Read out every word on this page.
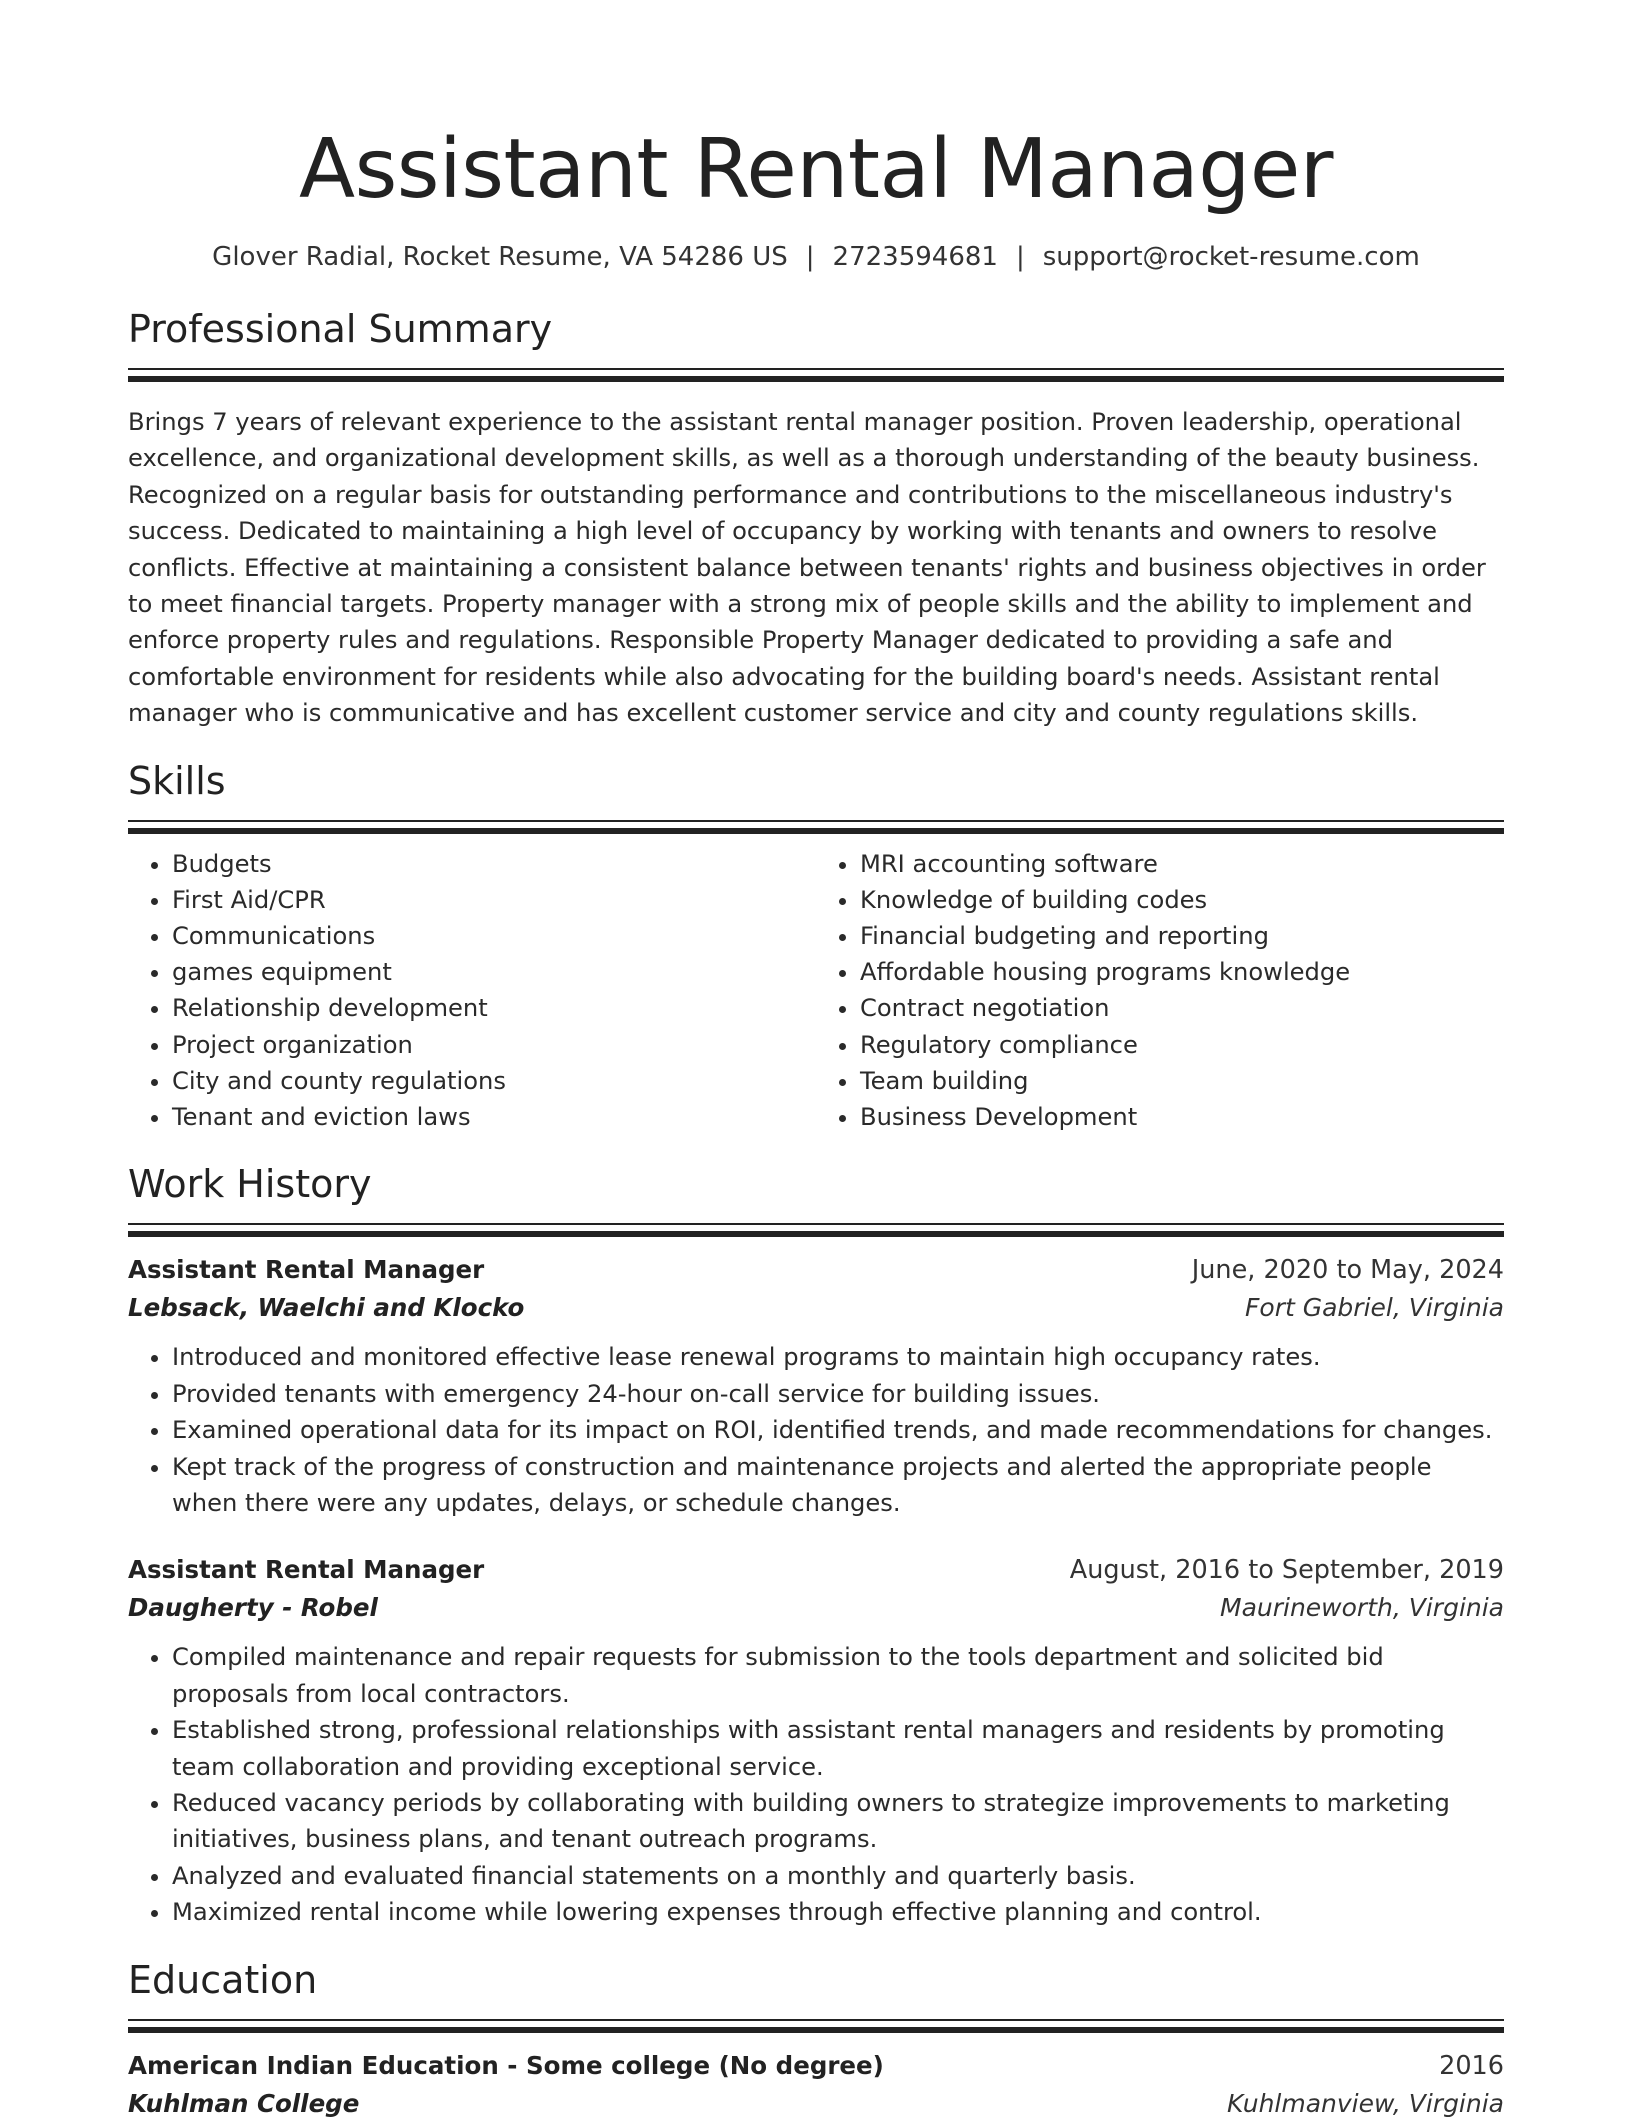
Assistant Rental Manager
Glover Radial, Rocket Resume, VA 54286 US | 2723594681 | support@rocket-resume.com
Professional Summary

Brings 7 years of relevant experience to the assistant rental manager position. Proven leadership, operational excellence, and organizational development skills, as well as a thorough understanding of the beauty business. Recognized on a regular basis for outstanding performance and contributions to the miscellaneous industry's success. Dedicated to maintaining a high level of occupancy by working with tenants and owners to resolve conflicts. Effective at maintaining a consistent balance between tenants' rights and business objectives in order to meet financial targets. Property manager with a strong mix of people skills and the ability to implement and enforce property rules and regulations. Responsible Property Manager dedicated to providing a safe and comfortable environment for residents while also advocating for the building board's needs. Assistant rental manager who is communicative and has excellent customer service and city and county regulations skills.

Skills
• Budgets
• First Aid/CPR
• Communications
• games equipment
• Relationship development
• Project organization
• City and county regulations
• Tenant and eviction laws
• MRI accounting software
• Knowledge of building codes
• Financial budgeting and reporting
• Affordable housing programs knowledge
• Contract negotiation
• Regulatory compliance
• Team building
• Business Development
Work History
Assistant Rental Manager	June, 2020 to May, 2024
Lebsack, Waelchi and Klocko	Fort Gabriel, Virginia
• Introduced and monitored effective lease renewal programs to maintain high occupancy rates.
• Provided tenants with emergency 24-hour on-call service for building issues.
• Examined operational data for its impact on ROI, identified trends, and made recommendations for changes.
• Kept track of the progress of construction and maintenance projects and alerted the appropriate people when there were any updates, delays, or schedule changes.
Assistant Rental Manager	August, 2016 to September, 2019
Daugherty - Robel	Maurineworth, Virginia
• Compiled maintenance and repair requests for submission to the tools department and solicited bid proposals from local contractors.
• Established strong, professional relationships with assistant rental managers and residents by promoting team collaboration and providing exceptional service.
• Reduced vacancy periods by collaborating with building owners to strategize improvements to marketing initiatives, business plans, and tenant outreach programs.
• Analyzed and evaluated financial statements on a monthly and quarterly basis.
• Maximized rental income while lowering expenses through effective planning and control.
Education
American Indian Education - Some college (No degree)	2016
Kuhlman College	Kuhlmanview, Virginia
